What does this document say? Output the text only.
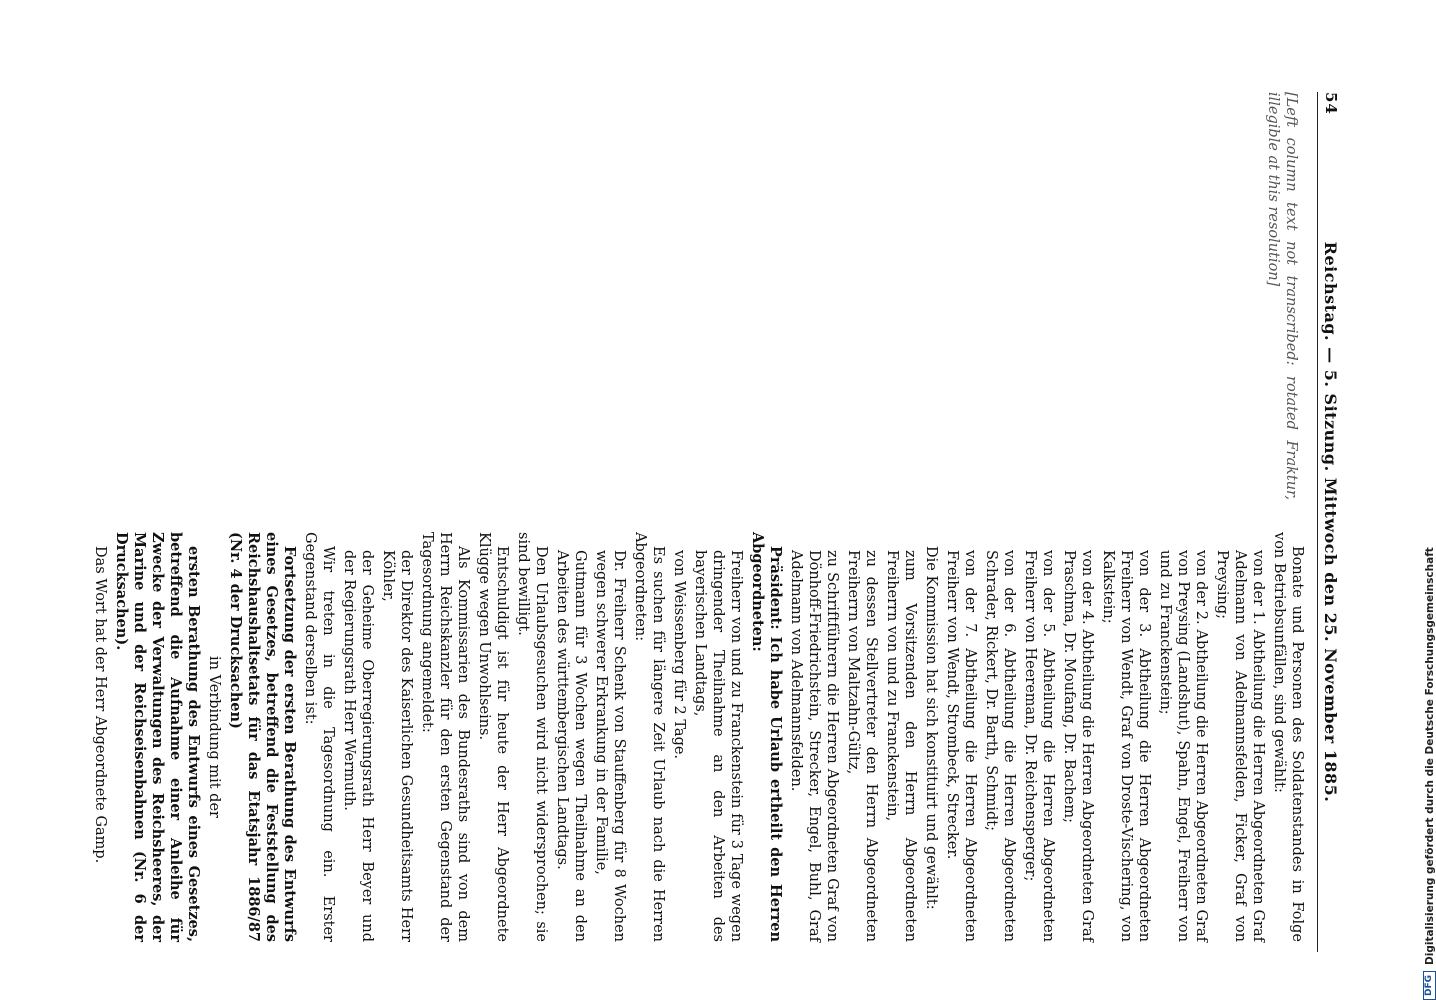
54
Reichstag. — 5. Sitzung. Mittwoch den 25. November 1885.
[Left column text not transcribed: rotated Fraktur, illegible at this resolution]

Bonate und Personen des Soldatenstandes in Folge von Betriebsunfällen, sind gewählt:

von der 1. Abtheilung die Herren Abgeordneten Graf Adelmann von Adelmannsfelden, Ficker, Graf von Preysing;

von der 2. Abtheilung die Herren Abgeordneten Graf von Preysing (Landshut), Spahn, Engel, Freiherr von und zu Franckenstein;

von der 3. Abtheilung die Herren Abgeordneten Freiherr von Wendt, Graf von Droste-Vischering, von Kalkstein;

von der 4. Abtheilung die Herren Abgeordneten Graf Praschma, Dr. Moufang, Dr. Bachem;

von der 5. Abtheilung die Herren Abgeordneten Freiherr von Heereman, Dr. Reichensperger;

von der 6. Abtheilung die Herren Abgeordneten Schrader, Rickert, Dr. Barth, Schmidt;

von der 7. Abtheilung die Herren Abgeordneten Freiherr von Wendt, Strombeck, Strecker.

Die Kommission hat sich konstituirt und gewählt:

zum Vorsitzenden den Herrn Abgeordneten Freiherrn von und zu Franckenstein,

zu dessen Stellvertreter den Herrn Abgeordneten Freiherrn von Maltzahn-Gültz,

zu Schriftführern die Herren Abgeordneten Graf von Dönhoff-Friedrichstein, Strecker, Engel, Buhl, Graf Adelmann von Adelmannsfelden.

Präsident: Ich habe Urlaub ertheilt den Herren Abgeordneten:

Freiherr von und zu Franckenstein für 3 Tage wegen dringender Theilnahme an den Arbeiten des bayerischen Landtags,

von Weissenberg für 2 Tage.

Es suchen für längere Zeit Urlaub nach die Herren Abgeordneten:

Dr. Freiherr Schenk von Stauffenberg für 8 Wochen wegen schwerer Erkrankung in der Familie,

Gutmann für 3 Wochen wegen Theilnahme an den Arbeiten des württembergischen Landtags.

Den Urlaubsgesuchen wird nicht widersprochen; sie sind bewilligt.

Entschuldigt ist für heute der Herr Abgeordnete Klügge wegen Unwohlseins.

Als Kommissarien des Bundesraths sind von dem Herrn Reichskanzler für den ersten Gegenstand der Tagesordnung angemeldet:

der Direktor des Kaiserlichen Gesundheitsamts Herr Köhler,

der Geheime Oberregierungsrath Herr Beyer und der Regierungsrath Herr Wermuth.

Wir treten in die Tagesordnung ein. Erster Gegenstand derselben ist:

Fortsetzung der ersten Berathung des Entwurfs eines Gesetzes, betreffend die Feststellung des Reichshaushaltsetats für das Etatsjahr 1886/87 (Nr. 4 der Drucksachen)

in Verbindung mit der

ersten Berathung des Entwurfs eines Gesetzes, betreffend die Aufnahme einer Anleihe für Zwecke der Verwaltungen des Reichsheeres, der Marine und der Reichseisenbahnen (Nr. 6 der Drucksachen).

Das Wort hat der Herr Abgeordnete Gamp.

DFG
Digitalisierung gefördert durch die Deutsche Forschungsgemeinschaft
